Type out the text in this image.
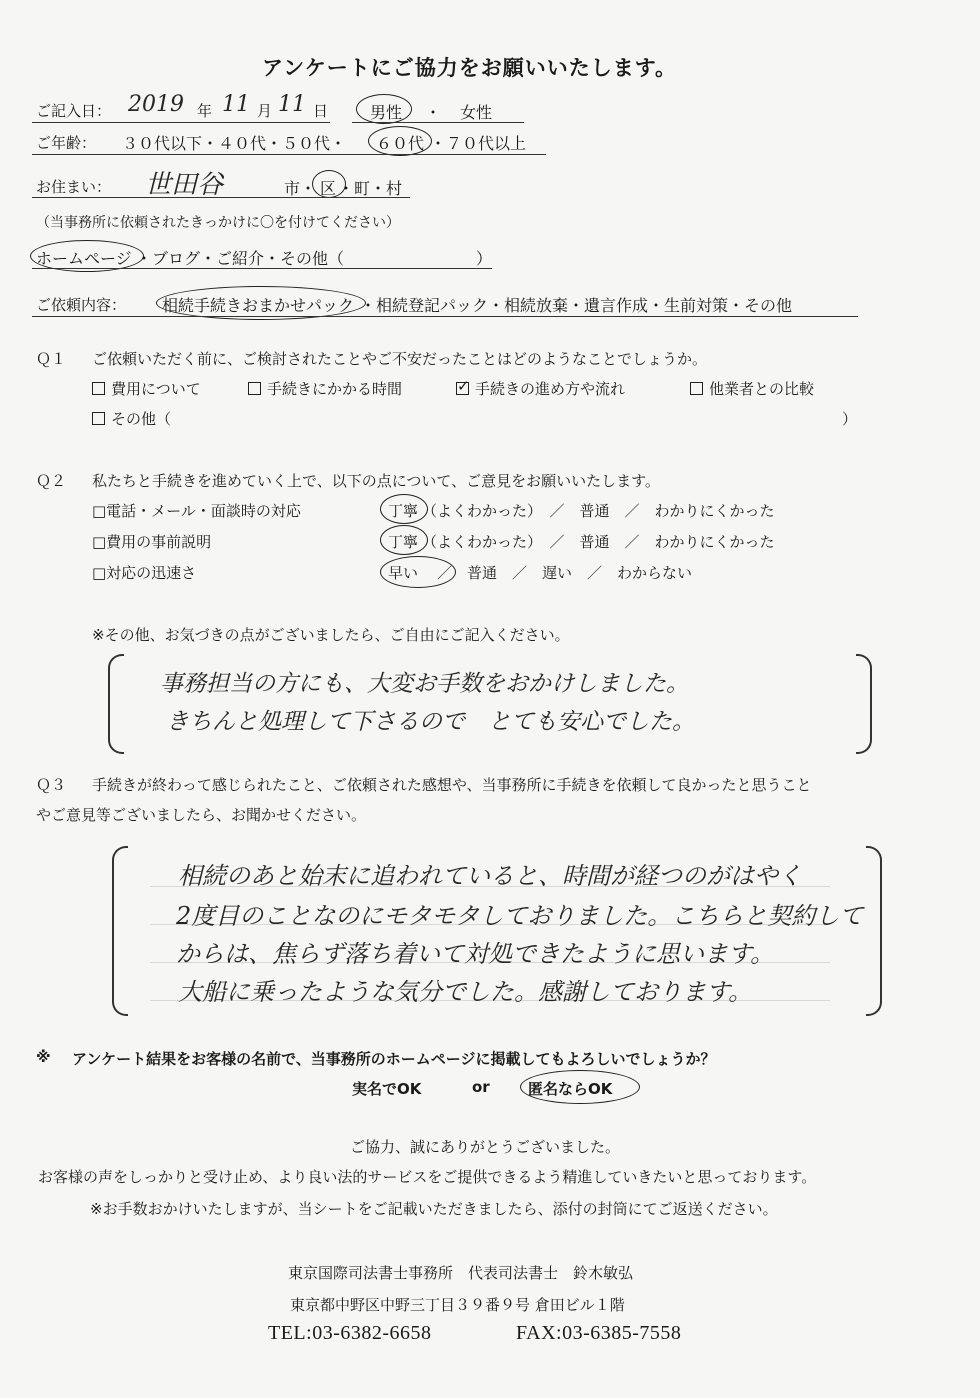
アンケートにご協力をお願いいたします。
ご記入日： 2019 年 11 月 11 日	男性 ・ 女性
ご年齢： ３０代以下・４０代・５０代・ ６０代 ・７０代以上
お住まい： 世田谷	市・ 区 ・町・村
（当事務所に依頼されたきっかけに〇を付けてください）
ホームページ ・ブログ・ご紹介・その他（	）
ご依頼内容： 相続手続きおまかせパック ・相続登記パック・相続放棄・遺言作成・生前対策・その他
Ｑ１ ご依頼いただく前に、ご検討されたことやご不安だったことはどのようなことでしょうか。
費用について	手続きにかかる時間
✓	手続きの進め方や流れ	他業者との比較
その他（	）
Ｑ２ 私たちと手続きを進めていく上で、以下の点について、ご意見をお願いいたします。
□電話・メール・面談時の対応	丁寧 （よくわかった）　／　普通　／　わかりにくかった
□費用の事前説明	丁寧 （よくわかった）　／　普通　／　わかりにくかった
□対応の迅速さ	早い 　／　普通　／　遅い　／　わからない
※その他、お気づきの点がございましたら、ご自由にご記入ください。
事務担当の方にも、大変お手数をおかけしました。
きちんと処理して下さるので　とても安心でした。
Ｑ３ 手続きが終わって感じられたこと、ご依頼された感想や、当事務所に手続きを依頼して良かったと思うこと
やご意見等ございましたら、お聞かせください。
相続のあと始末に追われていると、時間が経つのがはやく
2度目のことなのにモタモタしておりました。こちらと契約して
からは、焦らず落ち着いて対処できたように思います。
大船に乗ったような気分でした。感謝しております。
※ アンケート結果をお客様の名前で、当事務所のホームページに掲載してもよろしいでしょうか？
実名でOK	or	匿名ならOK
ご協力、誠にありがとうございました。
お客様の声をしっかりと受け止め、より良い法的サービスをご提供できるよう精進していきたいと思っております。
※お手数おかけいたしますが、当シートをご記載いただきましたら、添付の封筒にてご返送ください。
東京国際司法書士事務所　代表司法書士　鈴木敏弘
東京都中野区中野三丁目３９番９号 倉田ビル１階
TEL:03-6382-6658	FAX:03-6385-7558
